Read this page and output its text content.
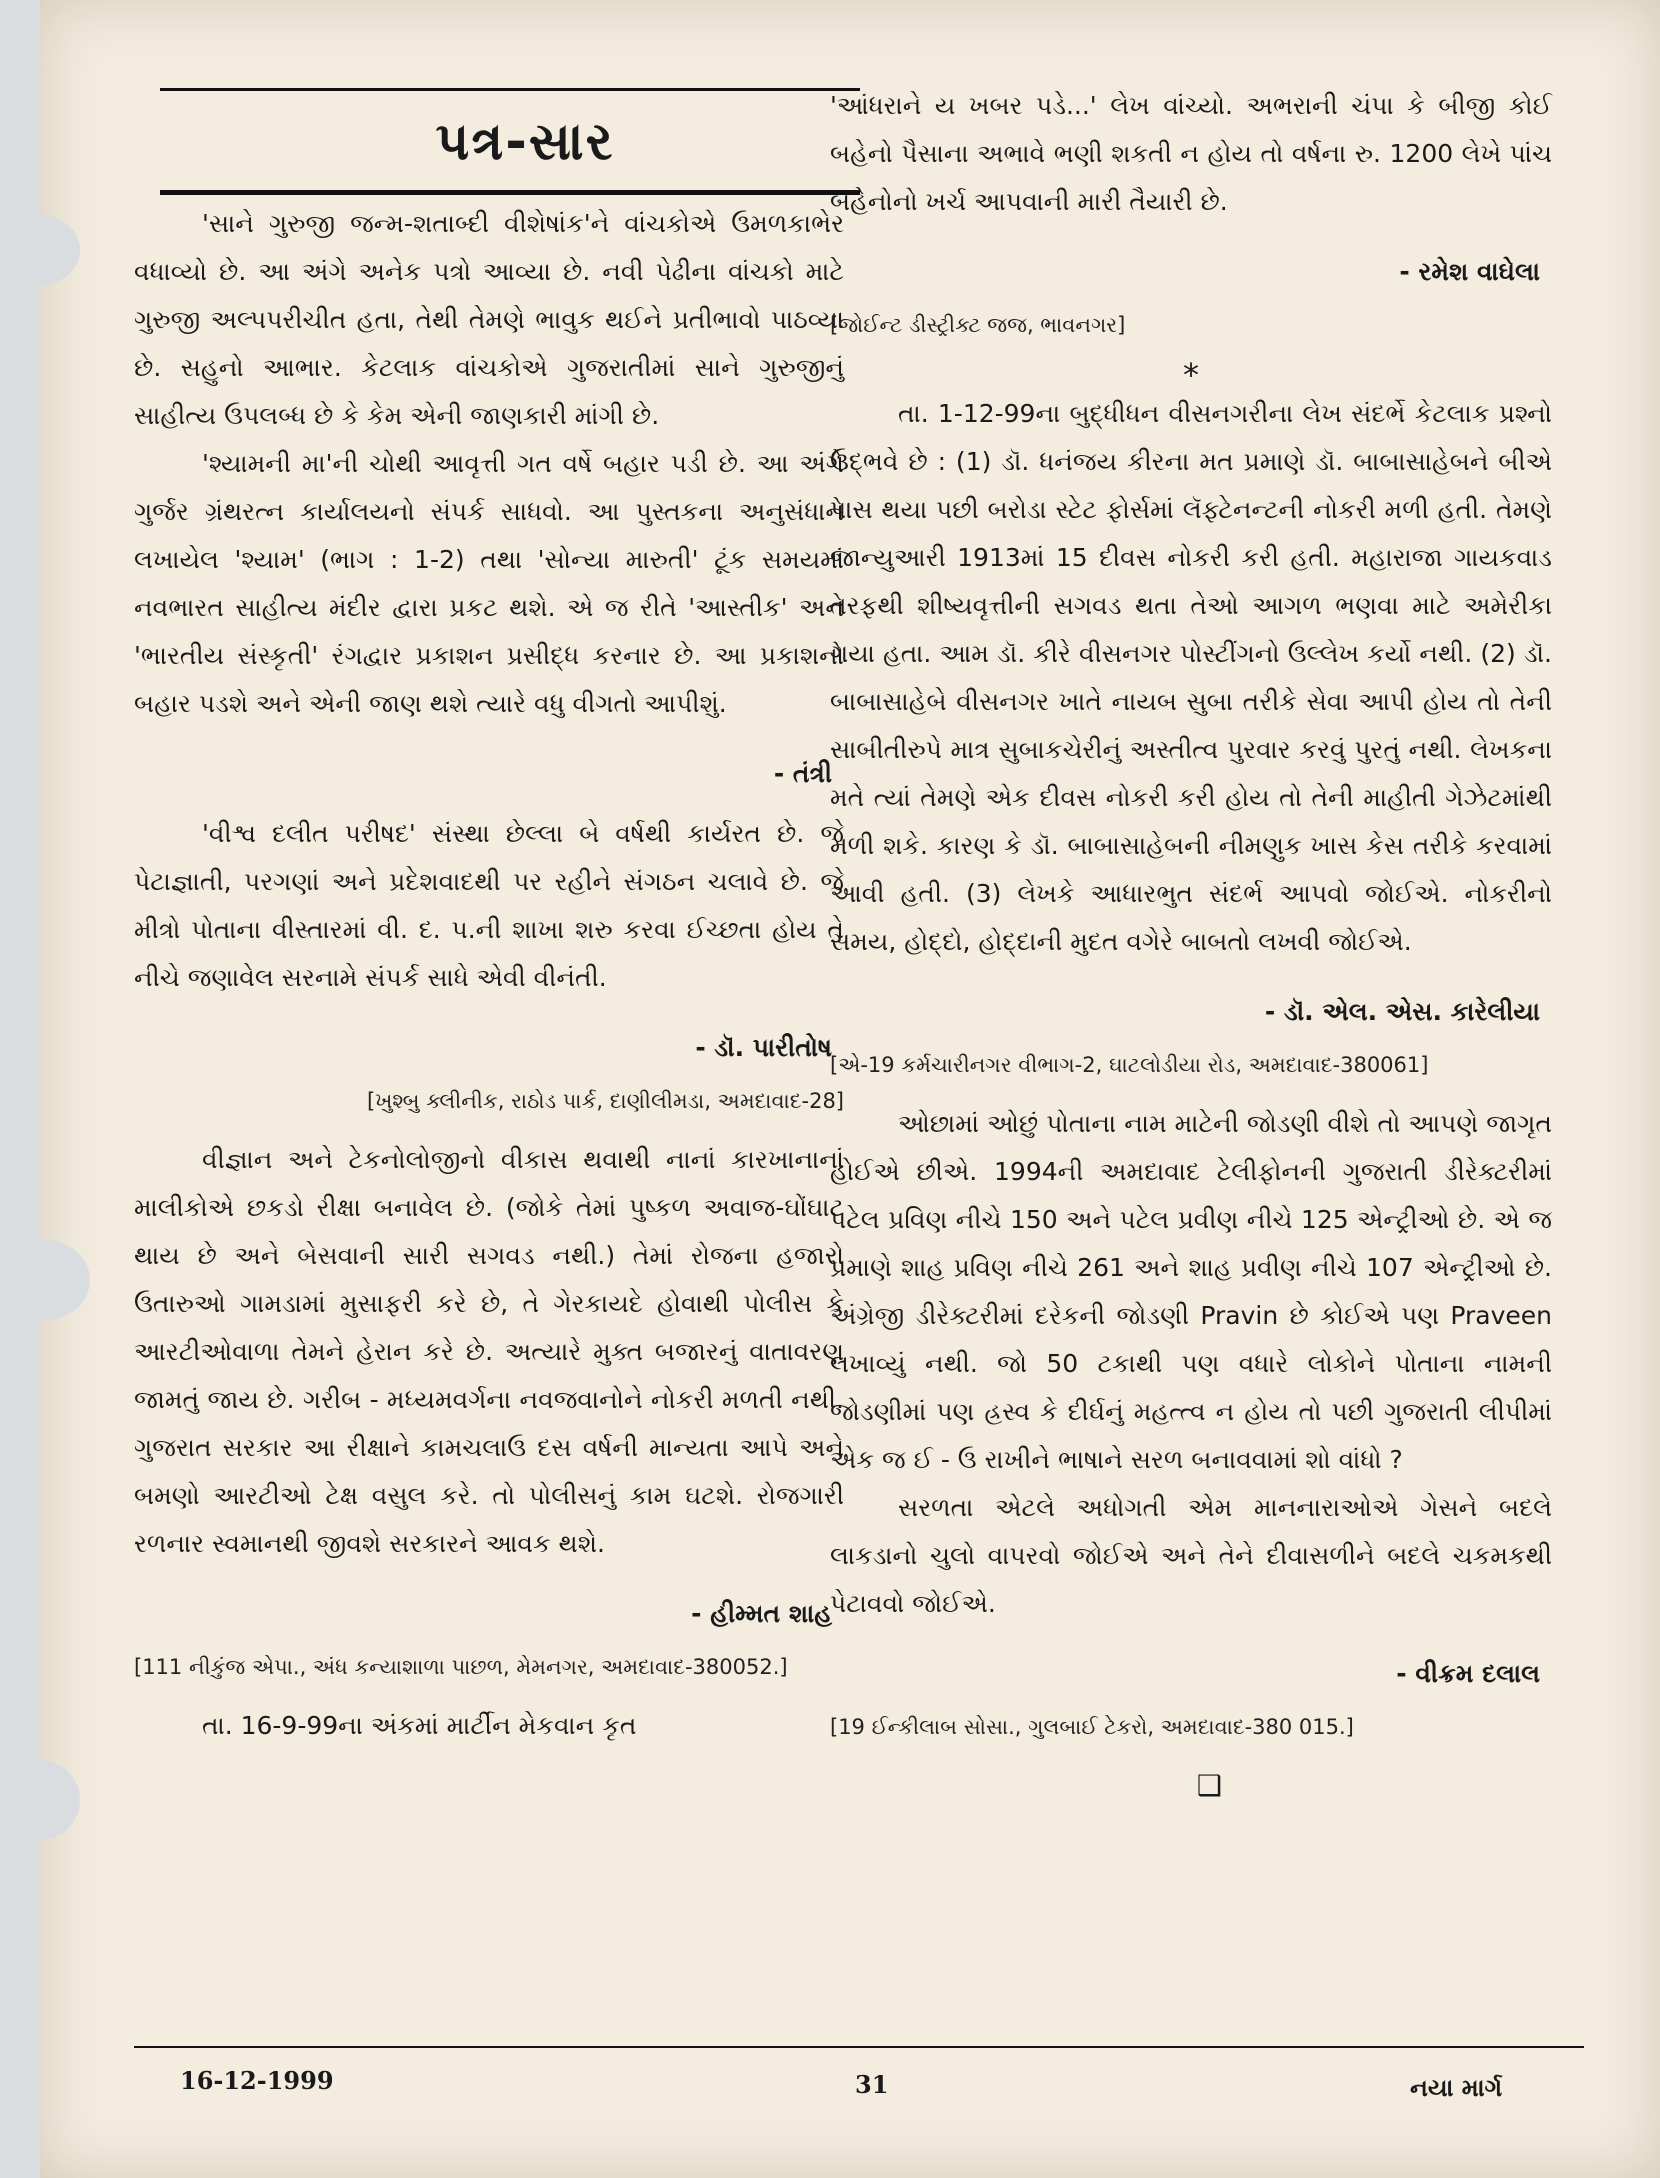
પત્ર-સાર

'સાને ગુરુજી જન્મ-શતાબ્દી વીશેષાંક'ને વાંચકોએ ઉમળકાભેર વધાવ્યો છે. આ અંગે અનેક પત્રો આવ્યા છે. નવી પેઢીના વાંચકો માટે ગુરુજી અલ્પપરીચીત હતા, તેથી તેમણે ભાવુક થઈને પ્રતીભાવો પાઠવ્યા છે. સહુનો આભાર. કેટલાક વાંચકોએ ગુજરાતીમાં સાને ગુરુજીનું સાહીત્ય ઉપલબ્ધ છે કે કેમ એની જાણકારી માંગી છે.

'શ્યામની મા'ની ચોથી આવૃત્તી ગત વર્ષે બહાર પડી છે. આ અંગે ગુર્જર ગ્રંથરત્ન કાર્યાલયનો સંપર્ક સાધવો. આ પુસ્તકના અનુસંધાને લખાયેલ 'શ્યામ' (ભાગ : 1-2) તથા 'સોન્યા મારુતી' ટૂંક સમયમાં નવભારત સાહીત્ય મંદીર દ્વારા પ્રકટ થશે. એ જ રીતે 'આસ્તીક' અને 'ભારતીય સંસ્કૃતી' રંગદ્વાર પ્રકાશન પ્રસીદ્ધ કરનાર છે. આ પ્રકાશનો બહાર પડશે અને એની જાણ થશે ત્યારે વધુ વીગતો આપીશું.

- તંત્રી

'વીશ્વ દલીત પરીષદ' સંસ્થા છેલ્લા બે વર્ષથી કાર્યરત છે. જે પેટાજ્ઞાતી, પરગણાં અને પ્રદેશવાદથી પર રહીને સંગઠન ચલાવે છે. જે મીત્રો પોતાના વીસ્તારમાં વી. દ. પ.ની શાખા શરુ કરવા ઈચ્છતા હોય તે નીચે જણાવેલ સરનામે સંપર્ક સાધે એવી વીનંતી.

- ડૉ. પારીતોષ
[ખુશ્બુ ક્લીનીક, રાઠોડ પાર્ક, દાણીલીમડા, અમદાવાદ-28]

વીજ્ઞાન અને ટેકનોલોજીનો વીકાસ થવાથી નાનાં કારખાનાનાં માલીકોએ છકડો રીક્ષા બનાવેલ છે. (જોકે તેમાં પુષ્કળ અવાજ-ઘોંઘાટ થાય છે અને બેસવાની સારી સગવડ નથી.) તેમાં રોજના હજારો ઉતારુઓ ગામડામાં મુસાફરી કરે છે, તે ગેરકાયદે હોવાથી પોલીસ કે આરટીઓવાળા તેમને હેરાન કરે છે. અત્યારે મુક્ત બજારનું વાતાવરણ જામતું જાય છે. ગરીબ - મધ્યમવર્ગના નવજવાનોને નોકરી મળતી નથી. ગુજરાત સરકાર આ રીક્ષાને કામચલાઉ દસ વર્ષની માન્યતા આપે અને બમણો આરટીઓ ટેક્ષ વસુલ કરે. તો પોલીસનું કામ ઘટશે. રોજગારી રળનાર સ્વમાનથી જીવશે સરકારને આવક થશે.

- હીમ્મત શાહ
[111 નીકુંજ એપા., અંધ કન્યાશાળા પાછળ, મેમનગર, અમદાવાદ-380052.]

તા. 16-9-99ના અંકમાં માર્ટીન મેકવાન કૃત

'આંધરાને ય ખબર પડે...' લેખ વાંચ્યો. અભરાની ચંપા કે બીજી કોઈ બહેનો પૈસાના અભાવે ભણી શકતી ન હોય તો વર્ષના રુ. 1200 લેખે પાંચ બહેનોનો ખર્ચ આપવાની મારી તૈયારી છે.

- રમેશ વાઘેલા
[જોઈન્ટ ડીસ્ટ્રીક્ટ જજ, ભાવનગર]
*

તા. 1-12-99ના બુદ્ધીધન વીસનગરીના લેખ સંદર્ભે કેટલાક પ્રશ્નો ઉદ્ભવે છે : (1) ડૉ. ધનંજય કીરના મત પ્રમાણે ડૉ. બાબાસાહેબને બીએ પાસ થયા પછી બરોડા સ્ટેટ ફોર્સમાં લૅફ્ટેનન્ટની નોકરી મળી હતી. તેમણે જાન્યુઆરી 1913માં 15 દીવસ નોકરી કરી હતી. મહારાજા ગાયકવાડ તરફથી શીષ્યવૃત્તીની સગવડ થતા તેઓ આગળ ભણવા માટે અમેરીકા ગયા હતા. આમ ડૉ. કીરે વીસનગર પોસ્ટીંગનો ઉલ્લેખ કર્યો નથી. (2) ડૉ. બાબાસાહેબે વીસનગર ખાતે નાયબ સુબા તરીકે સેવા આપી હોય તો તેની સાબીતીરુપે માત્ર સુબાકચેરીનું અસ્તીત્વ પુરવાર કરવું પુરતું નથી. લેખકના મતે ત્યાં તેમણે એક દીવસ નોકરી કરી હોય તો તેની માહીતી ગેઝેટમાંથી મળી શકે. કારણ કે ડૉ. બાબાસાહેબની નીમણુક ખાસ કેસ તરીકે કરવામાં આવી હતી. (3) લેખકે આધારભુત સંદર્ભ આપવો જોઈએ. નોકરીનો સમય, હોદ્દો, હોદ્દાની મુદત વગેરે બાબતો લખવી જોઈએ.

- ડૉ. એલ. એસ. કારેલીયા
[એ-19 કર્મચારીનગર વીભાગ-2, ઘાટલોડીયા રોડ, અમદાવાદ-380061]

ઓછામાં ઓછું પોતાના નામ માટેની જોડણી વીશે તો આપણે જાગૃત હોઈએ છીએ. 1994ની અમદાવાદ ટેલીફોનની ગુજરાતી ડીરેક્ટરીમાં પટેલ પ્રવિણ નીચે 150 અને પટેલ પ્રવીણ નીચે 125 એન્ટ્રીઓ છે. એ જ પ્રમાણે શાહ પ્રવિણ નીચે 261 અને શાહ પ્રવીણ નીચે 107 એન્ટ્રીઓ છે. અંગ્રેજી ડીરેક્ટરીમાં દરેકની જોડણી Pravin છે કોઈએ પણ Praveen લખાવ્યું નથી. જો 50 ટકાથી પણ વધારે લોકોને પોતાના નામની જોડણીમાં પણ હ્રસ્વ કે દીર્ઘનું મહત્ત્વ ન હોય તો પછી ગુજરાતી લીપીમાં એક જ ઈ - ઉ રાખીને ભાષાને સરળ બનાવવામાં શો વાંધો ?

સરળતા એટલે અધોગતી એમ માનનારાઓએ ગેસને બદલે લાકડાનો ચુલો વાપરવો જોઈએ અને તેને દીવાસળીને બદલે ચકમકથી પેટાવવો જોઈએ.

- વીક્રમ દલાલ
[19 ઈન્કીલાબ સોસા., ગુલબાઈ ટેકરો, અમદાવાદ-380 015.]
❑
16-12-1999	31	નયા માર્ગ
